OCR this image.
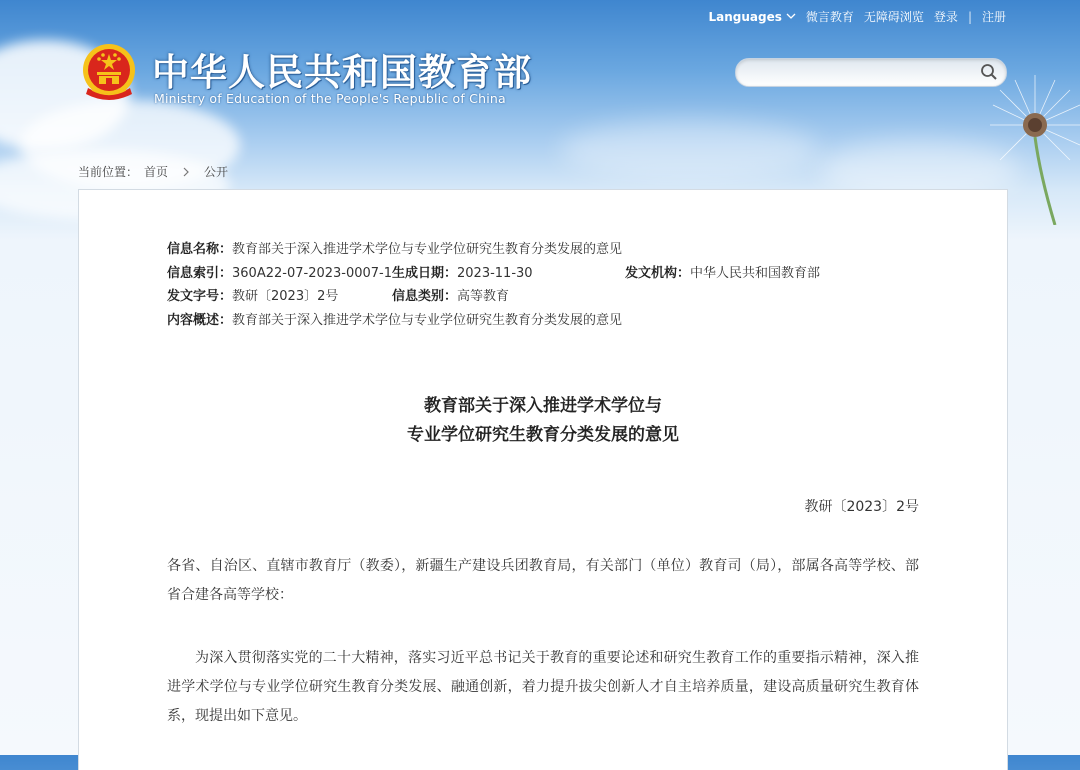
Languages 微言教育 无障碍浏览 登录 | 注册
中华人民共和国教育部
Ministry of Education of the People's Republic of China
当前位置： 首页	公开
信息名称：教育部关于深入推进学术学位与专业学位研究生教育分类发展的意见
信息索引：360A22-07-2023-0007-1 生成日期：2023-11-30	发文机构：中华人民共和国教育部
发文字号：教研〔2023〕2号	信息类别：高等教育
内容概述：教育部关于深入推进学术学位与专业学位研究生教育分类发展的意见
教育部关于深入推进学术学位与
专业学位研究生教育分类发展的意见
教研〔2023〕2号
各省、自治区、直辖市教育厅（教委），新疆生产建设兵团教育局，有关部门（单位）教育司（局），部属各高等学校、部省合建各高等学校：
为深入贯彻落实党的二十大精神，落实习近平总书记关于教育的重要论述和研究生教育工作的重要指示精神，深入推进学术学位与专业学位研究生教育分类发展、融通创新，着力提升拔尖创新人才自主培养质量，建设高质量研究生教育体系，现提出如下意见。
